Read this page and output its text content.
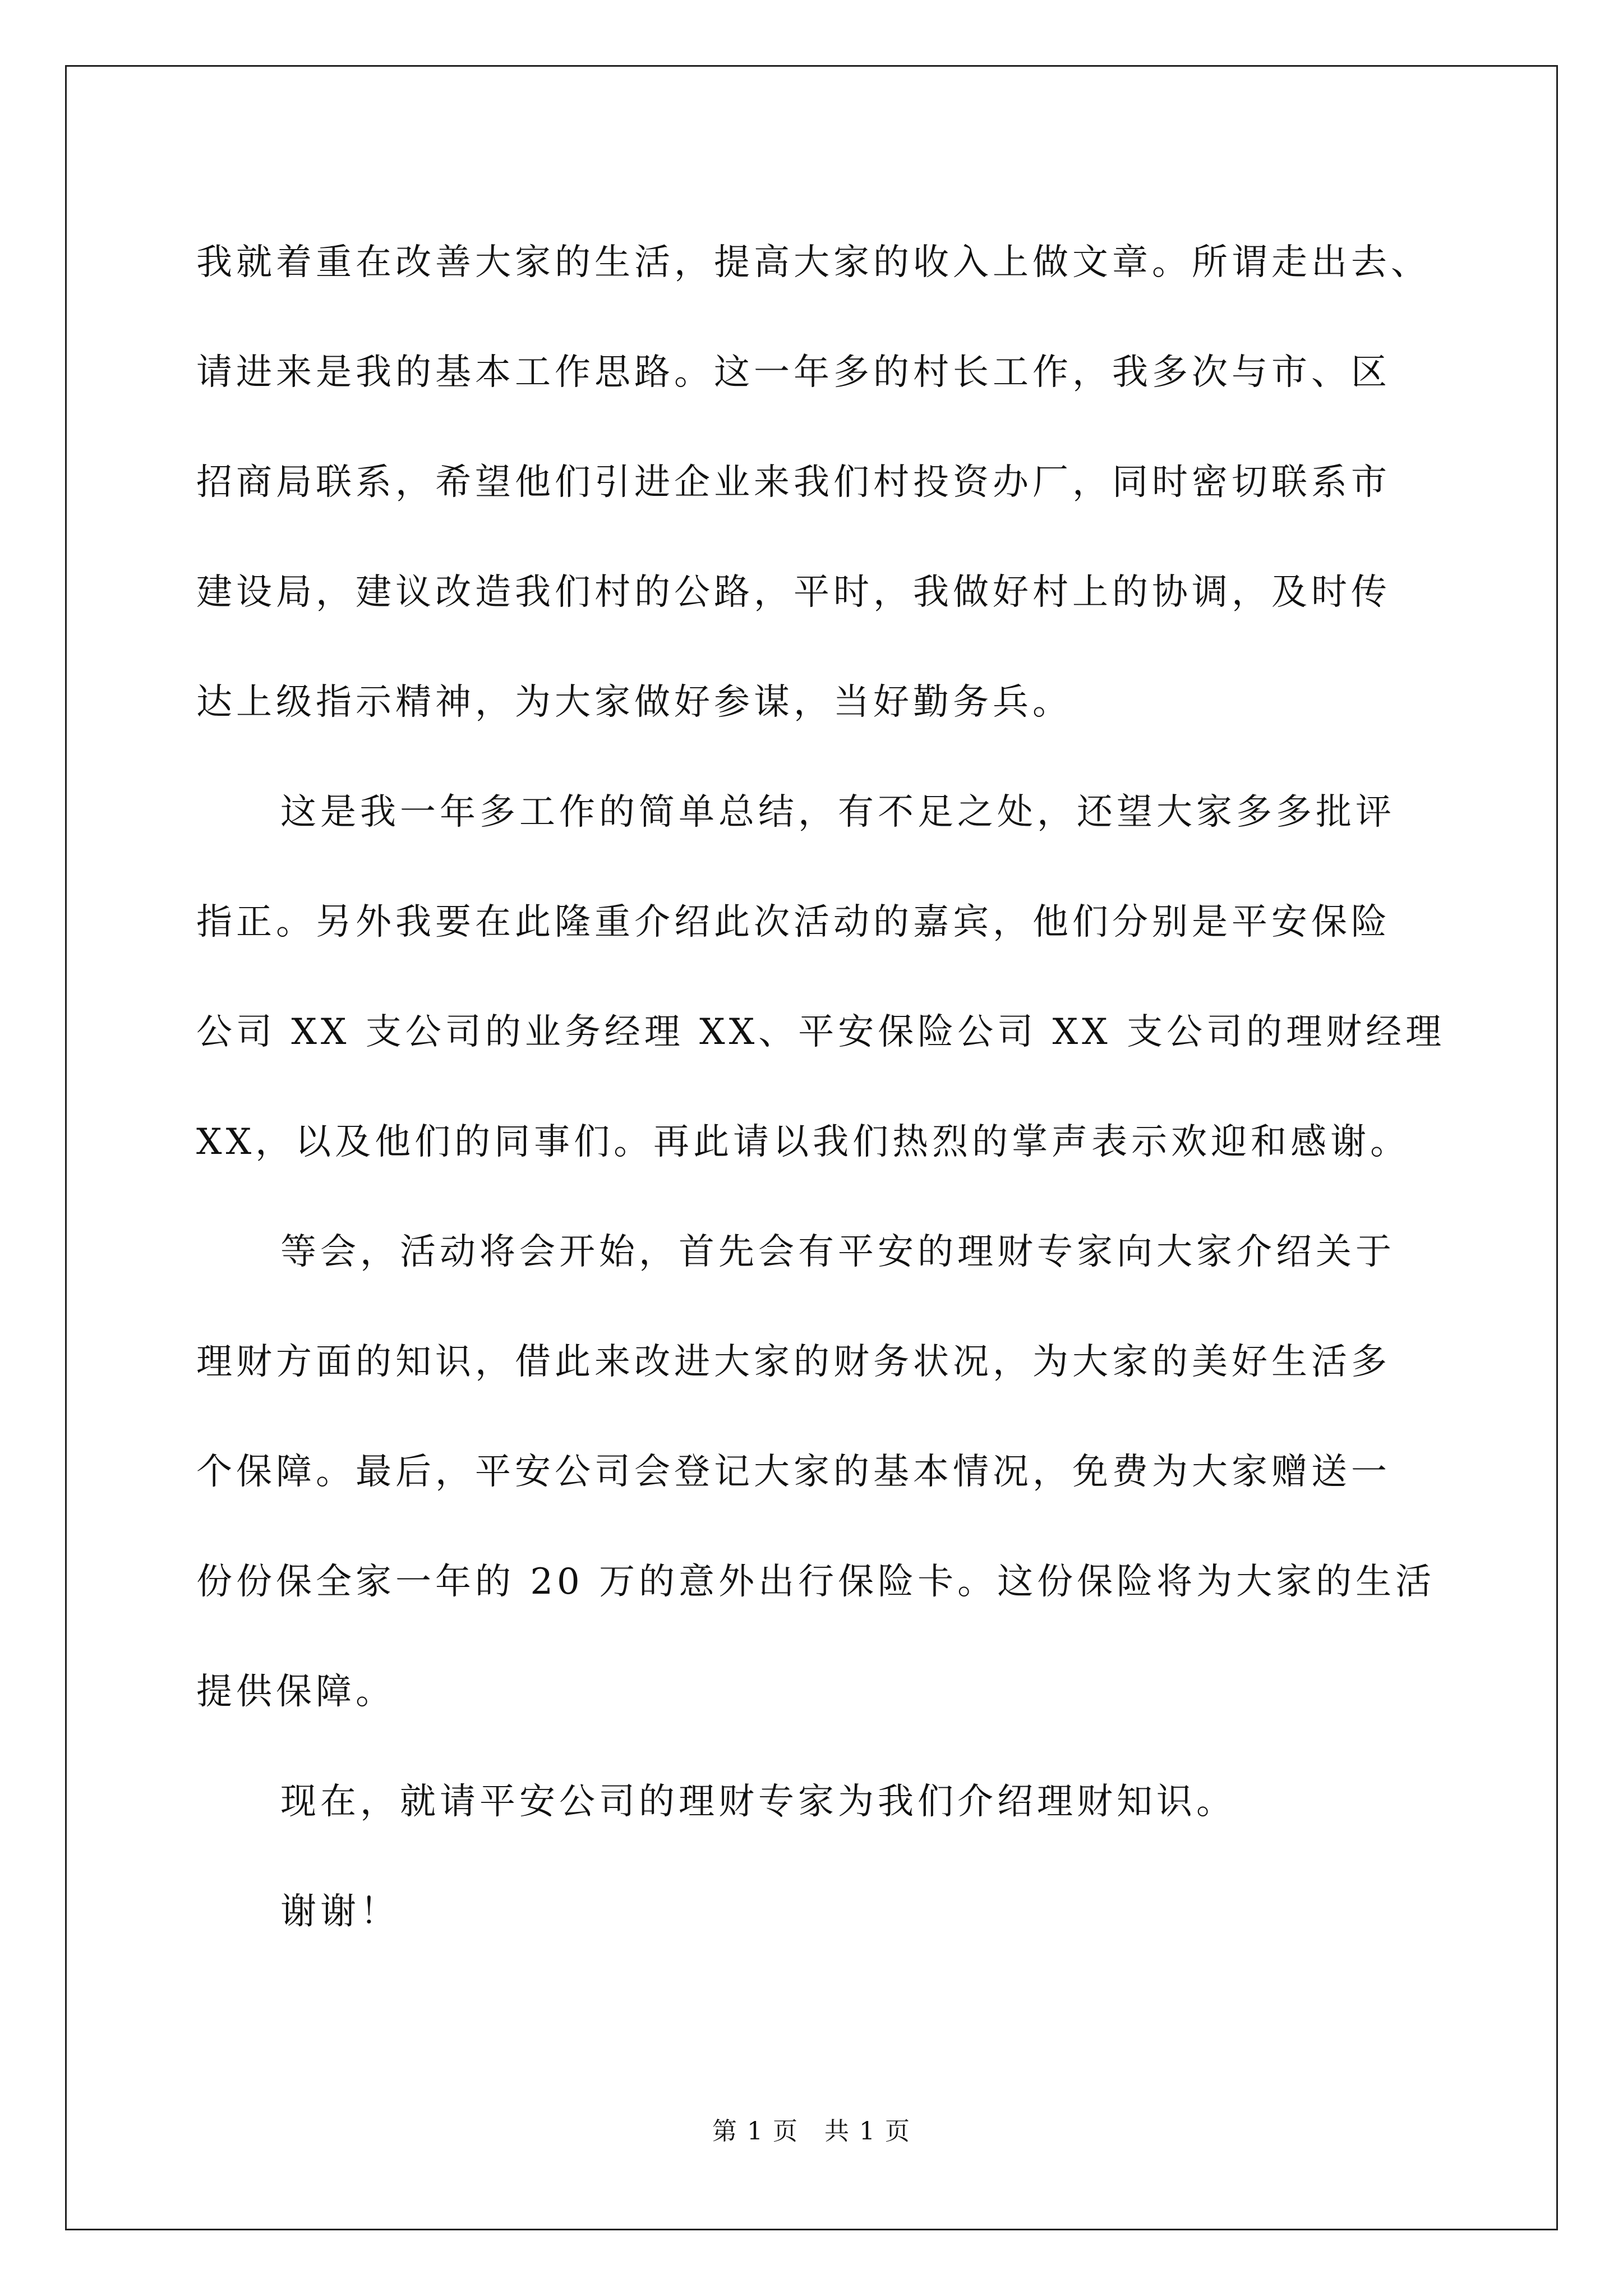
我就着重在改善大家的生活，提高大家的收入上做文章。所谓走出去、
请进来是我的基本工作思路。这一年多的村长工作，我多次与市、区
招商局联系，希望他们引进企业来我们村投资办厂，同时密切联系市
建设局，建议改造我们村的公路，平时，我做好村上的协调，及时传
达上级指示精神，为大家做好参谋，当好勤务兵。
这是我一年多工作的简单总结，有不足之处，还望大家多多批评
指正。另外我要在此隆重介绍此次活动的嘉宾，他们分别是平安保险
公司 XX 支公司的业务经理 XX、平安保险公司 XX 支公司的理财经理
XX，以及他们的同事们。再此请以我们热烈的掌声表示欢迎和感谢。
等会，活动将会开始，首先会有平安的理财专家向大家介绍关于
理财方面的知识，借此来改进大家的财务状况，为大家的美好生活多
个保障。最后，平安公司会登记大家的基本情况，免费为大家赠送一
份份保全家一年的 20 万的意外出行保险卡。这份保险将为大家的生活
提供保障。
现在，就请平安公司的理财专家为我们介绍理财知识。
谢谢！
第 1 页　共 1 页
